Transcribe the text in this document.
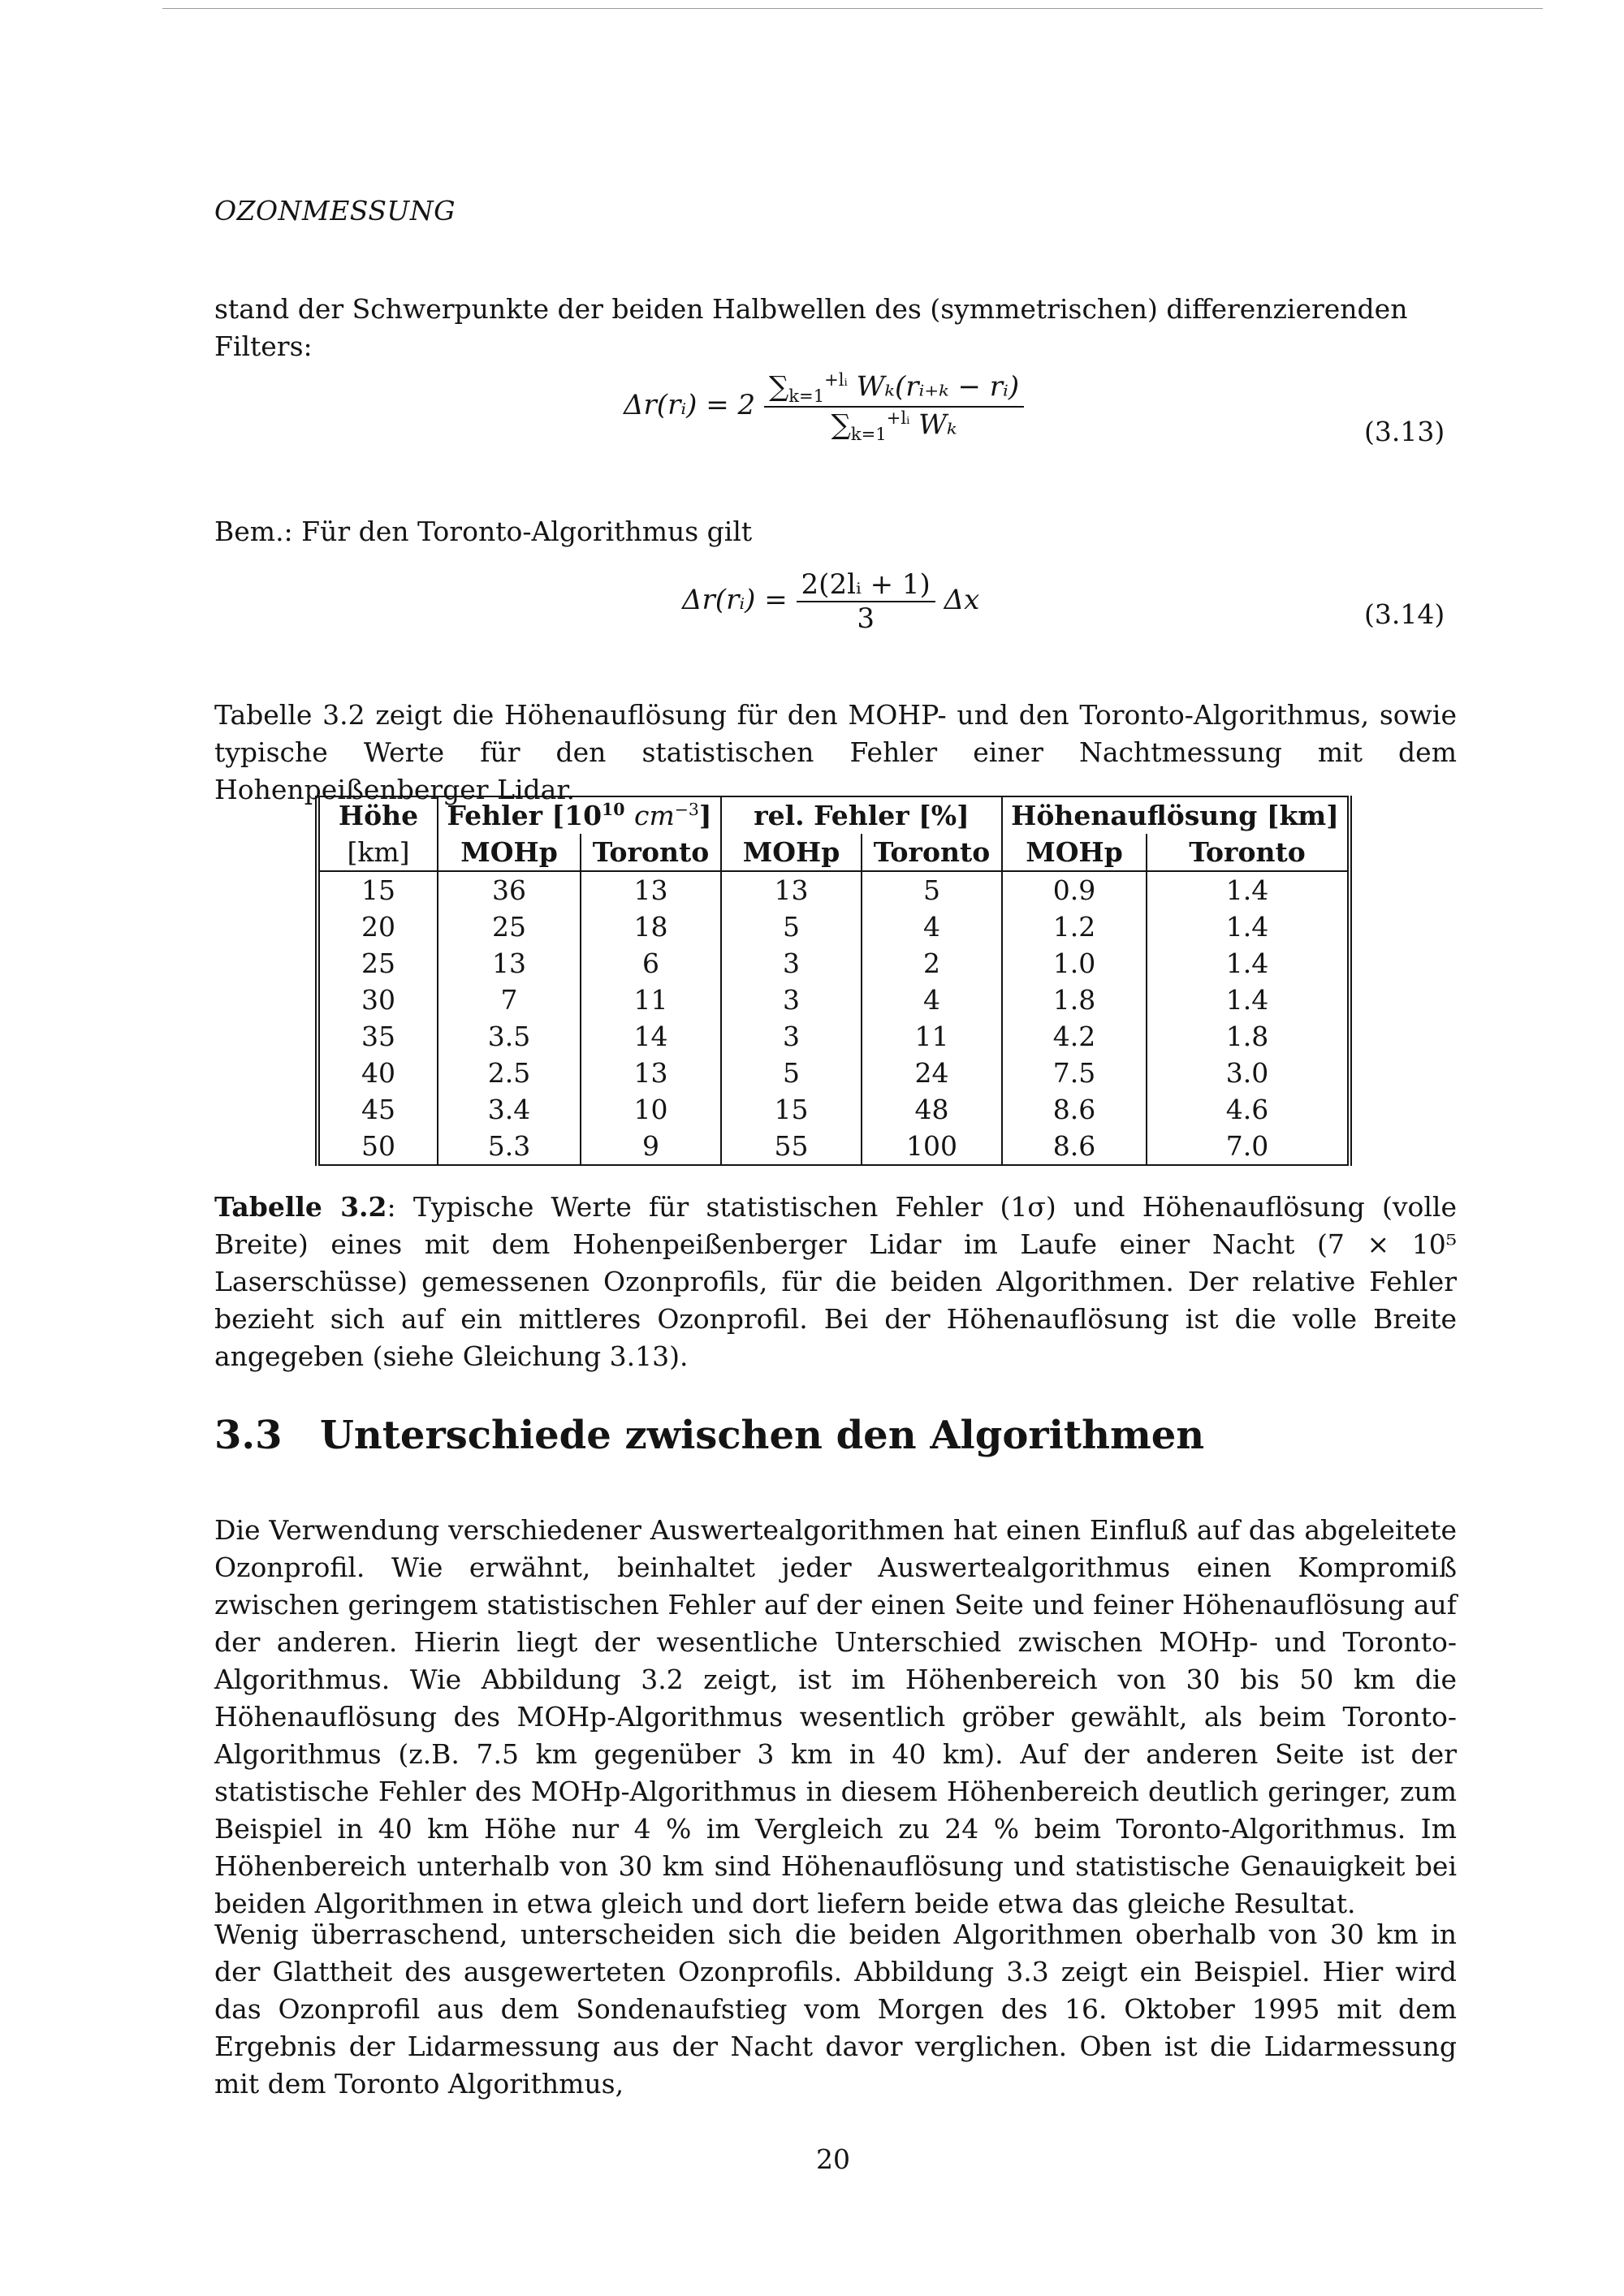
OZONMESSUNG
stand der Schwerpunkte der beiden Halbwellen des (symmetrischen) differenzierenden Filters:
Δr(rᵢ) = $2 \frac{\sum_{k=1}^{+lᵢ} W_k(rᵢ_{+k} - rᵢ)}{\sum_{k=1}^{+lᵢ} W_k}$	(3.13)
Bem.: Für den Toronto-Algorithmus gilt
Δr(rᵢ) = $\frac{\text{2(2lᵢ + 1)}}{3}$ Δx	(3.14)
Tabelle 3.2 zeigt die Höhenauflösung für den MOHP- und den Toronto-Algorithmus, sowie typische Werte für den statistischen Fehler einer Nachtmessung mit dem Hohenpeißenberger Lidar.
Höhe	Fehler [$10^{10}$ $cm^{-3}$]		rel. Fehler [%]		Höhenauflösung [km]	
[km]	MOHp	Toronto	MOHp	Toronto	MOHp	Toronto
15	36	13	13	5	0.9	1.4
20	25	18	5	4	1.2	1.4
25	13	6	3	2	1.0	1.4
30	7	11	3	4	1.8	1.4
35	3.5	14	3	11	4.2	1.8
40	2.5	13	5	24	7.5	3.0
45	3.4	10	15	48	8.6	4.6
50	5.3	9	55	100	8.6	7.0
Tabelle 3.2: Typische Werte für statistischen Fehler (1σ) und Höhenauflösung (volle Breite) eines mit dem Hohenpeißenberger Lidar im Laufe einer Nacht (7 × 10⁵ Laserschüsse) gemessenen Ozonprofils, für die beiden Algorithmen. Der relative Fehler bezieht sich auf ein mittleres Ozonprofil. Bei der Höhenauflösung ist die volle Breite angegeben (siehe Gleichung 3.13).
3.3 Unterschiede zwischen den Algorithmen
Die Verwendung verschiedener Auswertealgorithmen hat einen Einfluß auf das abgeleitete Ozonprofil. Wie erwähnt, beinhaltet jeder Auswertealgorithmus einen Kompromiß zwischen geringem statistischen Fehler auf der einen Seite und feiner Höhenauflösung auf der anderen. Hierin liegt der wesentliche Unterschied zwischen MOHp- und Toronto-Algorithmus. Wie Abbildung 3.2 zeigt, ist im Höhenbereich von 30 bis 50 km die Höhenauflösung des MOHp-Algorithmus wesentlich gröber gewählt, als beim Toronto-Algorithmus (z.B. 7.5 km gegenüber 3 km in 40 km). Auf der anderen Seite ist der statistische Fehler des MOHp-Algorithmus in diesem Höhenbereich deutlich geringer, zum Beispiel in 40 km Höhe nur 4 % im Vergleich zu 24 % beim Toronto-Algorithmus. Im Höhenbereich unterhalb von 30 km sind Höhenauflösung und statistische Genauigkeit bei beiden Algorithmen in etwa gleich und dort liefern beide etwa das gleiche Resultat.
Wenig überraschend, unterscheiden sich die beiden Algorithmen oberhalb von 30 km in der Glattheit des ausgewerteten Ozonprofils. Abbildung 3.3 zeigt ein Beispiel. Hier wird das Ozonprofil aus dem Sondenaufstieg vom Morgen des 16. Oktober 1995 mit dem Ergebnis der Lidarmessung aus der Nacht davor verglichen. Oben ist die Lidarmessung mit dem Toronto Algorithmus,
20
